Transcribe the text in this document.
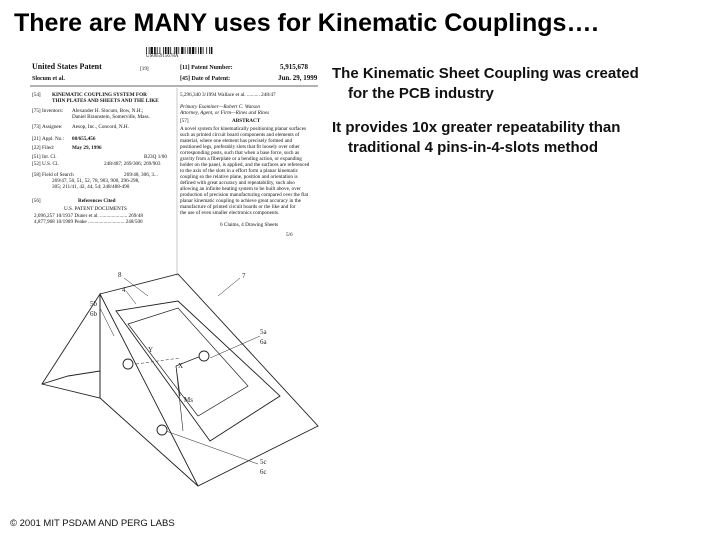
There are MANY uses for Kinematic Couplings….
US005915678A
United States Patent	[19]
Slocum et al.
[11] Patent Number:	5,915,678
[45] Date of Patent:	Jun. 29, 1999
[54] KINEMATIC COUPLING SYSTEM FOR
THIN PLATES AND SHEETS AND THE LIKE
[75] Inventors: Alexander H. Slocum, Bow, N.H.;
Daniel Braunstein, Somerville, Mass.
[73] Assignee: Aesop, Inc., Concord, N.H.
[21] Appl. No.: 08/655,456
[22] Filed:	May 29, 1996
[51] Int. Cl.	B23Q 1/00
[52] U.S. Cl.	248/487; 269/306; 269/903
[58] Field of Search	269/48, 306, 3...
269/47, 50, 51, 52, 78, 903, 900, 296-298,
305; 211/41, 42, 44, 54; 248/488-490
[56]	References Cited
U.S. PATENT DOCUMENTS
2,096,257 10/1937 Duner et al. ..................... 269/48
4,877,968 10/1989 Peake ............................ 248/500
5,296,340 3/1994 Wallace et al. .......... 248/47
Primary Examiner—Robert C. Watson
Attorney, Agent, or Firm—Rines and Rines
[57]	ABSTRACT
6 Claims, 4 Drawing Sheets
5/6
8	7
4
5b
6b
5a
6a
Y
X
Ms
5c
6c
A novel system for kinematically positioning planar surfaces
such as printed circuit board components and elements of
material, where one element has precisely formed and
positioned legs, preferably slots that fit loosely over other
corresponding posts, such that when a base force, such as
gravity from a fiberplate or a bending action, or expanding
holder on the panel, is applied, and the surfaces are referenced
to the axis of the slots in a effort form a planar kinematic
coupling so the relative plane, position and orientation is
defined with great accuracy and repeatability, such also
allowing an infinite heating system to be built above, over
production of precision manufacturing compared over the flat
planar kinematic coupling to achieve great accuracy in the
manufacture of printed circuit boards or the like and for
the use of even smaller electronics components.
The Kinematic Sheet Coupling was created
for the PCB industry
It provides 10x greater repeatability than
traditional 4 pins-in-4-slots method
© 2001 MIT PSDAM AND PERG LABS
